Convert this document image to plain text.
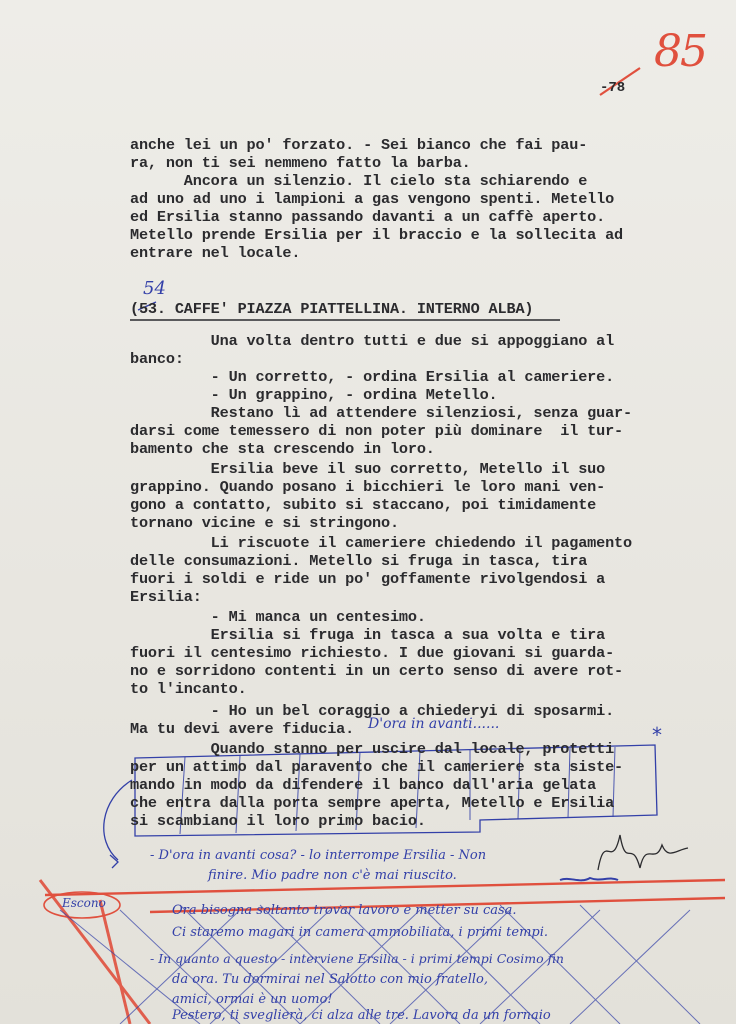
85
*
-78
anche lei un po' forzato. - Sei bianco che fai pau-
ra, non ti sei nemmeno fatto la barba.
Ancora un silenzio. Il cielo sta schiarendo e
ad uno ad uno i lampioni a gas vengono spenti. Metello
ed Ersilia stanno passando davanti a un caffè aperto.
Metello prende Ersilia per il braccio e la sollecita ad
entrare nel locale.
54
(53. CAFFE' PIAZZA PIATTELLINA. INTERNO ALBA)
Una volta dentro tutti e due si appoggiano al
banco:
- Un corretto, - ordina Ersilia al cameriere.
- Un grappino, - ordina Metello.
Restano lì ad attendere silenziosi, senza guar-
darsi come temessero di non poter più dominare  il tur-
bamento che sta crescendo in loro.
Ersilia beve il suo corretto, Metello il suo
grappino. Quando posano i bicchieri le loro mani ven-
gono a contatto, subito si staccano, poi timidamente
tornano vicine e si stringono.
Li riscuote il cameriere chiedendo il pagamento
delle consumazioni. Metello si fruga in tasca, tira
fuori i soldi e ride un po' goffamente rivolgendosi a
Ersilia:
- Mi manca un centesimo.
Ersilia si fruga in tasca a sua volta e tira
fuori il centesimo richiesto. I due giovani si guarda-
no e sorridono contenti in un certo senso di avere rot-
to l'incanto.
- Ho un bel coraggio a chiederyi di sposarmi.
Ma tu devi avere fiducia.
Quando stanno per uscire dal locale, protetti
per un attimo dal paravento che il cameriere sta siste-
mando in modo da difendere il banco dall'aria gelata
che entra dalla porta sempre aperta, Metello e Ersilia
si scambiano il loro primo bacio.
D'ora in avanti......
Escono
- D'ora in avanti cosa? - lo interrompe Ersilia - Non
finire. Mio padre non c'è mai riuscito.
Ora bisogna soltanto trovar lavoro e metter su casa.
Ci staremo magari in camera ammobiliata, i primi tempi.
- In quanto a questo - interviene Ersilia - i primi tempi Cosimo fin
da ora. Tu dormirai nel Salotto con mio fratello,
amici, ormai è un uomo!
Pestero, ti sveglierà, ci alza alle tre. Lavora da un fornaio
